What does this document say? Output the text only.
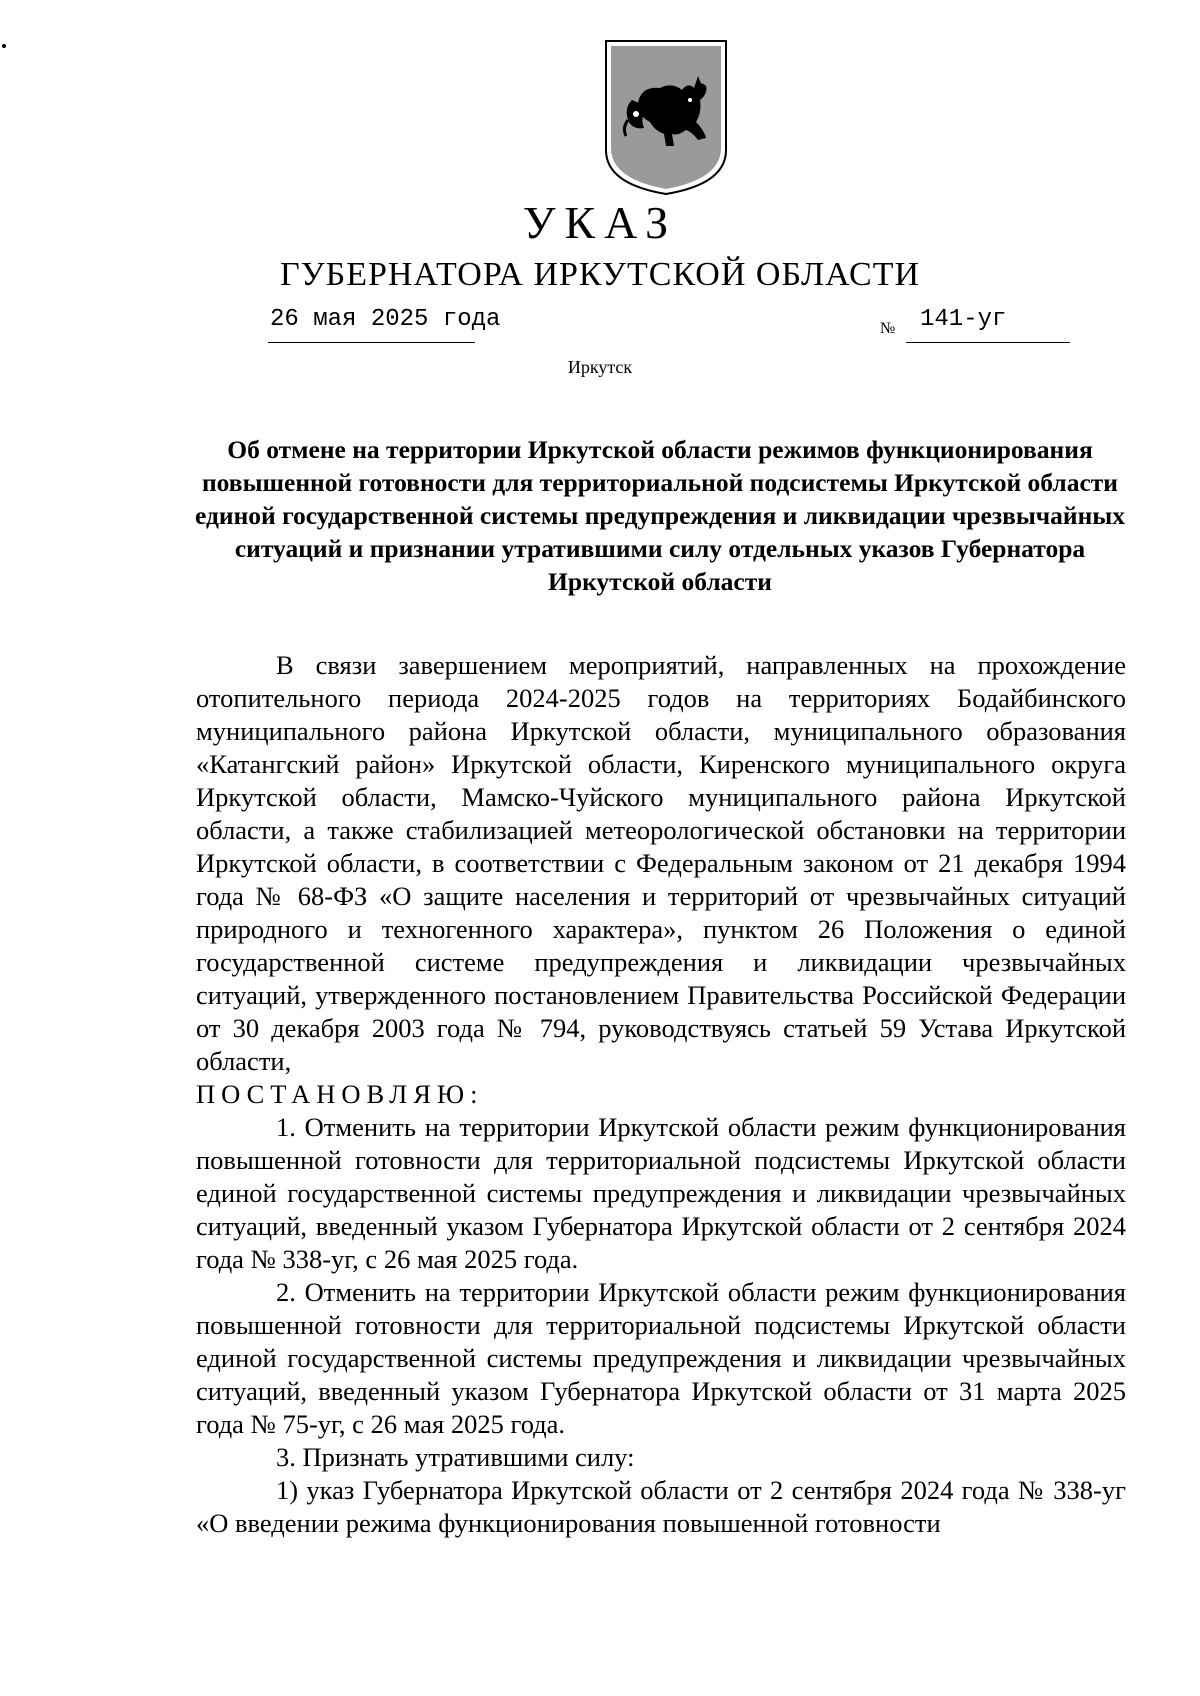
УКАЗ
ГУБЕРНАТОРА ИРКУТСКОЙ ОБЛАСТИ
26 мая 2025 года	№ 141-уг
Иркутск
Об отмене на территории Иркутской области режимов функционирования повышенной готовности для территориальной подсистемы Иркутской области единой государственной системы предупреждения и ликвидации чрезвычайных ситуаций и признании утратившими силу отдельных указов Губернатора Иркутской области

В связи завершением мероприятий, направленных на прохождение отопительного периода 2024-2025 годов на территориях Бодайбинского муниципального района Иркутской области, муниципального образования «Катангский район» Иркутской области, Киренского муниципального округа Иркутской области, Мамско-Чуйского муниципального района Иркутской области, а также стабилизацией метеорологической обстановки на территории Иркутской области, в соответствии с Федеральным законом от 21 декабря 1994 года № 68-ФЗ «О защите населения и территорий от чрезвычайных ситуаций природного и техногенного характера», пунктом 26 Положения о единой государственной системе предупреждения и ликвидации чрезвычайных ситуаций, утвержденного постановлением Правительства Российской Федерации от 30 декабря 2003 года № 794, руководствуясь статьей 59 Устава Иркутской области,

ПОСТАНОВЛЯЮ:

1. Отменить на территории Иркутской области режим функционирования повышенной готовности для территориальной подсистемы Иркутской области единой государственной системы предупреждения и ликвидации чрезвычайных ситуаций, введенный указом Губернатора Иркутской области от 2 сентября 2024 года № 338-уг, с 26 мая 2025 года.

2. Отменить на территории Иркутской области режим функционирования повышенной готовности для территориальной подсистемы Иркутской области единой государственной системы предупреждения и ликвидации чрезвычайных ситуаций, введенный указом Губернатора Иркутской области от 31 марта 2025 года № 75-уг, с 26 мая 2025 года.

3. Признать утратившими силу:

1) указ Губернатора Иркутской области от 2 сентября 2024 года № 338-уг «О введении режима функционирования повышенной готовности
